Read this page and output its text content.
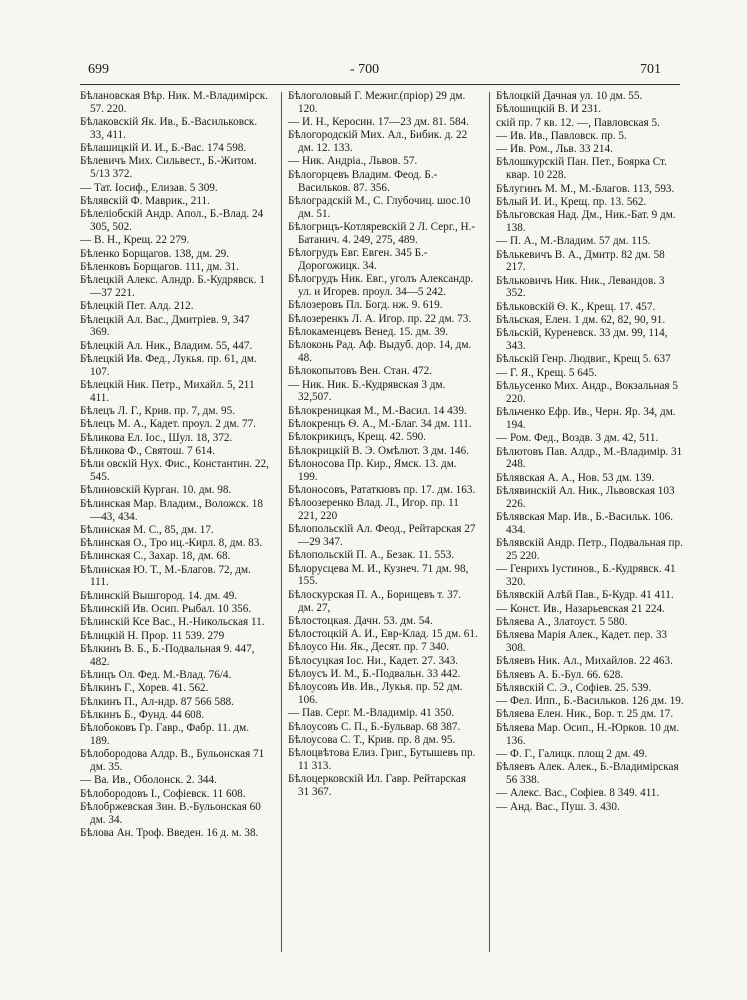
699	- 700	701
Бѣлановская Вѣр. Ник. М.-Владимірск. 57. 220.
Бѣлаковскій Як. Ив., Б.-Васильковск. 33, 411.
Бѣлашицкій И. И., Б.-Вас. 174 598.
Бѣлевичъ Мих. Сильвест., Б.-Житом. 5/13 372.
— Тат. Іосиф., Елизав. 5 309.
Бѣлявскій Ф. Маврик., 211.
Бѣлеліобскій Андр. Апол., Б.-Влад. 24 305, 502.
— В. Н., Крещ. 22 279.
Бѣленко Борщагов. 138, дм. 29.
Бѣленковъ Борщагов. 111, дм. 31.
Бѣлецкій Алекс. Алндр. Б.-Кудрявск. 1—37 221.
Бѣлецкій Пет. Алд. 212.
Бѣлецкій Ал. Вас., Дмитріев. 9, 347 369.
Бѣлецкій Ал. Ник., Владим. 55, 447.
Бѣлецкій Ив. Фед., Лукья. пр. 61, дм. 107.
Бѣлецкій Ник. Петр., Михайл. 5, 211 411.
Бѣлецъ Л. Г., Крив. пр. 7, дм. 95.
Бѣлецъ М. А., Кадет. проул. 2 дм. 77.
Бѣликова Ел. Іос., Шул. 18, 372.
Бѣликова Ф., Святош. 7 614.
Бѣли овскій Нух. Фис., Константин. 22, 545.
Бѣлиновскій Курган. 10. дм. 98.
Бѣлинская Мар. Владим., Воложск. 18—43, 434.
Бѣлинская М. С., 85, дм. 17.
Бѣлинская О., Тро иц.-Кирл. 8, дм. 83.
Бѣлинская С., Захар. 18, дм. 68.
Бѣлинская Ю. Т., М.-Благов. 72, дм. 111.
Бѣлинскій Вышгород. 14. дм. 49.
Бѣлинскій Ив. Осип. Рыбал. 10 356.
Бѣлинскій Ксе Вас., Н.-Никольская 11.
Бѣлицкій Н. Прор. 11 539. 279
Бѣлкинъ В. Б., Б.-Подвальная 9. 447, 482.
Бѣлицъ Ол. Фед. М.-Влад. 76/4.
Бѣлкинъ Г., Хорев. 41. 562.
Бѣлкинъ П., Ал-ндр. 87 566 588.
Бѣлкинъ Б., Фунд. 44 608.
Бѣлобоковъ Гр. Гавр., Фабр. 11. дм. 189.
Бѣлобородова Алдр. В., Бульонская 71 дм. 35.
— Ва. Ив., Оболонск. 2. 344.
Бѣлобородовъ І., Софіевск. 11 608.
Бѣлобржевская Зин. В.-Бульонская 60 дм. 34.
Бѣлова Ан. Троф. Введен. 16 д. м. 38.
Бѣлоголовый Г. Межиг.(пріор) 29 дм. 120.
— И. Н., Кероcин. 17—23 дм. 81. 584.
Бѣлогородскій Мих. Ал., Бибик. д. 22 дм. 12. 133.
— Ник. Андріа., Львов. 57.
Бѣлогорцевъ Владим. Феод. Б.-Васильков. 87. 356.
Бѣлоградскій М., С. Глубочиц. шос.10 дм. 51.
Бѣлогрицъ-Котляревскій 2 Л. Серг., Н.-Батанич. 4. 249, 275, 489.
Бѣлогрудъ Евг. Евген. 345 Б.-Дорогожицк. 34.
Бѣлогрудъ Ник. Евг., уголъ Александр. ул. и Игорев. проул. 34—5 242.
Бѣлозеровъ Пл. Богд. нж. 9. 619.
Бѣлозеренкъ Л. А. Игор. пр. 22 дм. 73.
Бѣлокаменцевъ Венед. 15. дм. 39.
Бѣлоконь Рад. Аф. Выдуб. дор. 14, дм. 48.
Бѣлокопытовъ Вен. Стан. 472.
— Ник. Ник. Б.-Кудрявская 3 дм. 32,507.
Бѣлокреницкая М., М.-Васил. 14 439.
Бѣлокренцъ Ѳ. А., М.-Благ. 34 дм. 111.
Бѣлокрикицъ, Крещ. 42. 590.
Бѣлокрицкій В. Э. Омѣлют. 3 дм. 146.
Бѣлоносова Пр. Кир., Ямск. 13. дм. 199.
Бѣлоносовъ, Рататкювъ пр. 17. дм. 163.
Бѣлоозеренко Влад. Л., Игор. пр. 11 221, 220
Бѣлопольскій Ал. Феод., Рейтарская 27—29 347.
Бѣлопольскій П. А., Безак. 11. 553.
Бѣлорусцева М. И., Кузнеч. 71 дм. 98, 155.
Бѣлоскурская П. А., Борищевъ т. 37. дм. 27,
Бѣлостоцкая. Дачн. 53. дм. 54.
Бѣлостоцкій А. И., Евр-Клад. 15 дм. 61.
Бѣлоусо Ни. Як., Десят. пр. 7 340.
Бѣлосуцкая Іос. Ни., Кадет. 27. 343.
Бѣлоусъ И. М., Б.-Подвальн. 33 442.
Бѣлоусовъ Ив. Ив., Лукья. пр. 52 дм. 106.
— Пав. Серг. М.-Владимір. 41 350.
Бѣлоусовъ С. П., Б.-Бульвар. 68 387.
Бѣлоусова С. Т., Крив. пр. 8 дм. 95.
Бѣлоцвѣтова Елиз. Григ., Бутышевъ пр. 11 313.
Бѣлоцерковскій Ил. Гавр. Рейтарская 31 367.
Бѣлоцкій Дачная ул. 10 дм. 55.
Бѣлошицкій В. И 231.
скій пр. 7 кв. 12. —, Павловская 5.
— Ив. Ив., Павловск. пр. 5.
— Ив. Ром., Льв. 33 214.
Бѣлошкурскій Пан. Пет., Боярка Ст. квар. 10 228.
Бѣлугинъ М. М., М.-Благов. 113, 593.
Бѣлый И. И., Крещ. пр. 13. 562.
Бѣльговская Над. Дм., Ник.-Бат. 9 дм. 138.
— П. А., М.-Владим. 57 дм. 115.
Бѣлькевичъ В. А., Дмитр. 82 дм. 58 217.
Бѣльковичъ Ник. Ник., Левандов. 3 352.
Бѣльковскій Ѳ. К., Крещ. 17. 457.
Бѣльская, Елен. 1 дм. 62, 82, 90, 91.
Бѣльскій, Куреневск. 33 дм. 99, 114, 343.
Бѣльскій Генр. Людвиг., Крещ 5. 637
— Г. Я., Крещ. 5 645.
Бѣльусенко Мих. Андр., Вокзальная 5 220.
Бѣльченко Ефр. Ив., Черн. Яр. 34, дм. 194.
— Ром. Фед., Воздв. 3 дм. 42, 511.
Бѣлютовъ Пав. Алдр., М.-Владимір. 31 248.
Бѣлявская А. А., Нов. 53 дм. 139.
Бѣлявинскій Ал. Ник., Львовская 103 226.
Бѣлявская Мар. Ив., Б.-Васильк. 106. 434.
Бѣлявскій Андр. Петр., Подвальная пр. 25 220.
— Генрихъ Іустинов., Б.-Кудрявск. 41 320.
Бѣлявскій Алѣй Пав., Б-Кудр. 41 411.
— Конст. Ив., Назарьевская 21 224.
Бѣляева А., Златоуст. 5 580.
Бѣляева Марія Алек., Кадет. пер. 33 308.
Бѣляевъ Ник. Ал., Михайлов. 22 463.
Бѣляевъ А. Б.-Бул. 66. 628.
Бѣлявскій С. Э., Софіев. 25. 539.
— Фел. Ипп., Б.-Васильков. 126 дм. 19.
Бѣляева Елен. Ник., Бор. т. 25 дм. 17.
Бѣляева Мар. Осип., Н.-Юрков. 10 дм. 136.
— Ф. Г., Галицк. площ 2 дм. 49.
Бѣляевъ Алек. Алек., Б.-Владимірская 56 338.
— Алекс. Вас., Софіев. 8 349. 411.
— Анд. Вас., Пуш. 3. 430.
